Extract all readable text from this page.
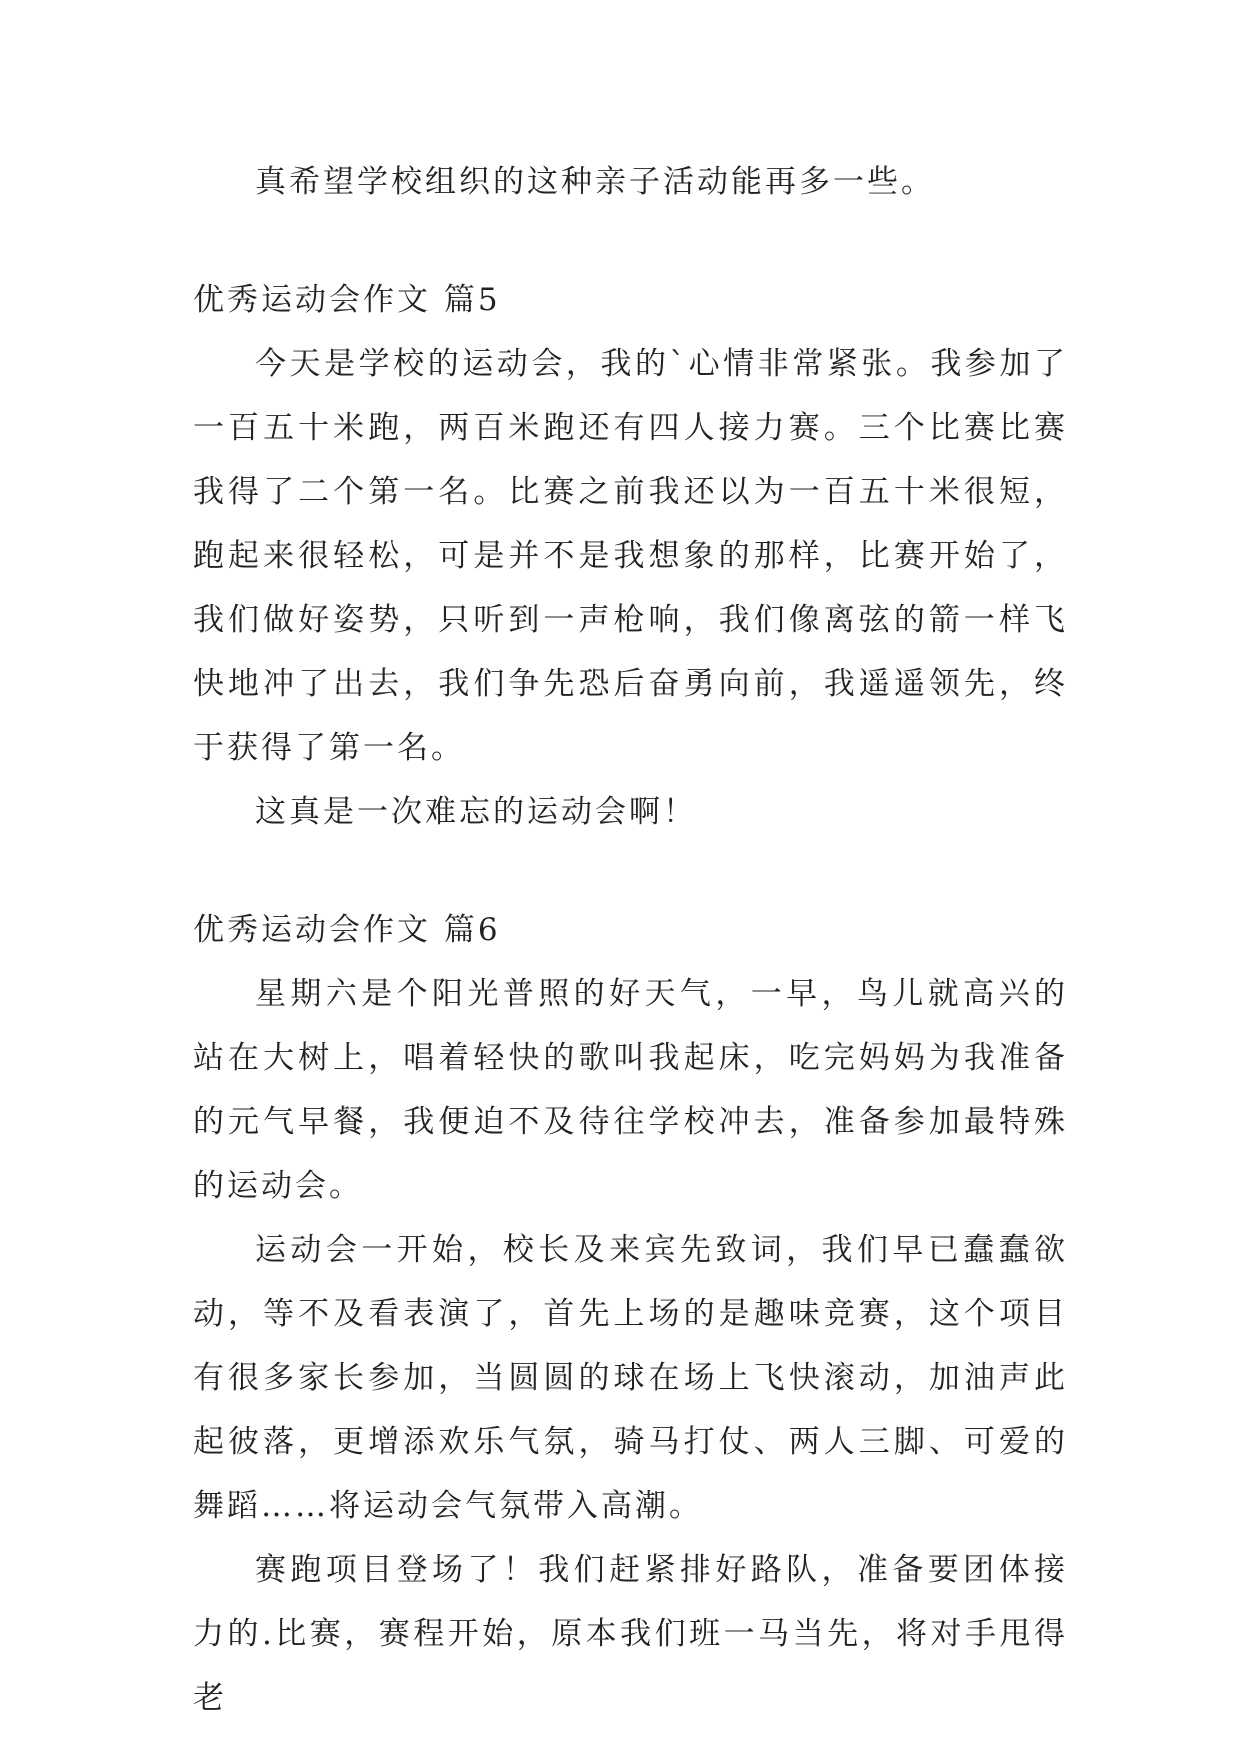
真希望学校组织的这种亲子活动能再多一些。

优秀运动会作文 篇5

今天是学校的运动会，我的`心情非常紧张。我参加了一百五十米跑，两百米跑还有四人接力赛。三个比赛比赛我得了二个第一名。比赛之前我还以为一百五十米很短，跑起来很轻松，可是并不是我想象的那样，比赛开始了，我们做好姿势，只听到一声枪响，我们像离弦的箭一样飞快地冲了出去，我们争先恐后奋勇向前，我遥遥领先，终于获得了第一名。

这真是一次难忘的运动会啊！

优秀运动会作文 篇6

星期六是个阳光普照的好天气，一早，鸟儿就高兴的站在大树上，唱着轻快的歌叫我起床，吃完妈妈为我准备的元气早餐，我便迫不及待往学校冲去，准备参加最特殊的运动会。

运动会一开始，校长及来宾先致词，我们早已蠢蠢欲动，等不及看表演了，首先上场的是趣味竞赛，这个项目有很多家长参加，当圆圆的球在场上飞快滚动，加油声此起彼落，更增添欢乐气氛，骑马打仗、两人三脚、可爱的舞蹈……将运动会气氛带入高潮。

赛跑项目登场了！我们赶紧排好路队，准备要团体接力的.比赛，赛程开始，原本我们班一马当先，将对手甩得老
